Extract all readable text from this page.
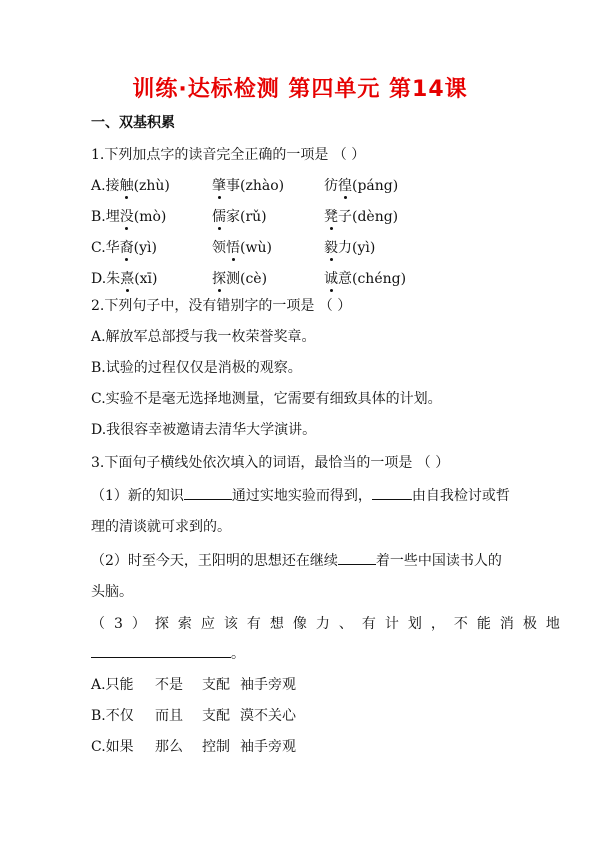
训练·达标检测 第四单元 第14课
一、双基积累
1.下列加点字的读音完全正确的一项是 （ ）
A.接触(zhù)	肇事(zhào)	彷徨(páng)
B.埋没(mò)	儒家(rǔ)	凳子(dèng)
C.华裔(yì)	领悟(wù)	毅力(yì)
D.朱熹(xī)	探测(cè)	诚意(chéng)
2.下列句子中，没有错别字的一项是 （ ）
A.解放军总部授与我一枚荣誉奖章。
B.试验的过程仅仅是消极的观察。
C.实验不是毫无选择地测量，它需要有细致具体的计划。
D.我很容幸被邀请去清华大学演讲。
3.下面句子横线处依次填入的词语，最恰当的一项是 （ ）
（1）新的知识	通过实地实验而得到，	由自我检讨或哲
理的清谈就可求到的。
（2）时至今天，王阳明的思想还在继续	着一些中国读书人的
头脑。
（3）探索应该有想像力、有计划，不能消极地
。
A.只能 不是 支配 袖手旁观
B.不仅 而且 支配 漠不关心
C.如果 那么 控制 袖手旁观
